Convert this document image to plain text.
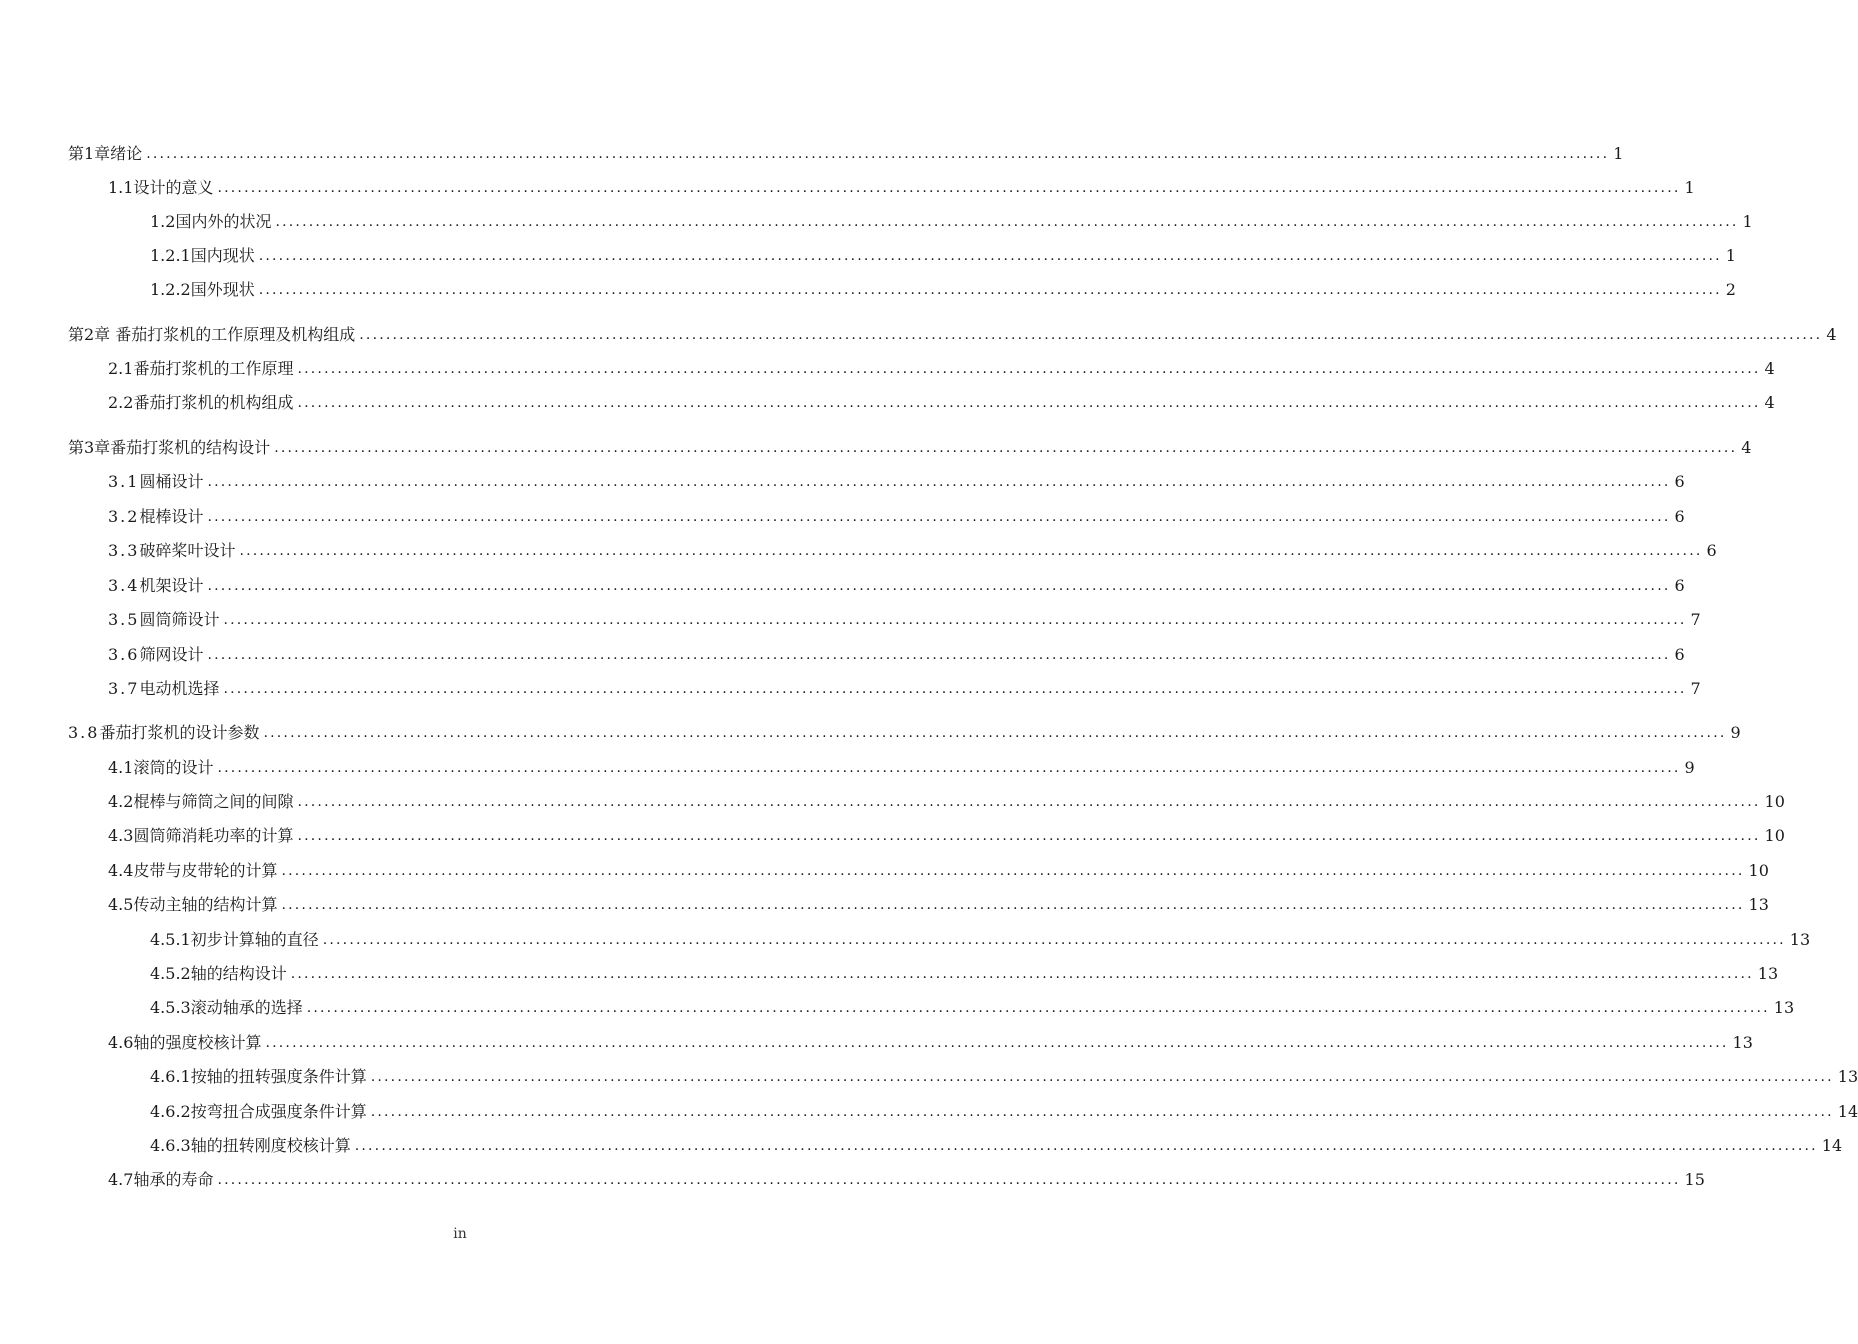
第1章绪论 ............................................................................................................................................................................................................................ 1
1.1 设计的意义 ............................................................................................................................................................................................................................ 1
1.2 国内外的状况 ............................................................................................................................................................................................................................ 1
1.2.1 国内现状 ............................................................................................................................................................................................................................ 1
1.2.2 国外现状 ............................................................................................................................................................................................................................ 2
第2章 番茄打浆机的工作原理及机构组成 ............................................................................................................................................................................................................................ 4
2.1 番茄打浆机的工作原理 ............................................................................................................................................................................................................................ 4
2.2 番茄打浆机的机构组成 ............................................................................................................................................................................................................................ 4
第3章番茄打浆机的结构设计 ............................................................................................................................................................................................................................ 4
3.1 圆桶设计 ............................................................................................................................................................................................................................ 6
3.2 棍棒设计 ............................................................................................................................................................................................................................ 6
3.3 破碎桨叶设计 ............................................................................................................................................................................................................................ 6
3.4 机架设计 ............................................................................................................................................................................................................................ 6
3.5 圆筒筛设计 ............................................................................................................................................................................................................................ 7
3.6 筛网设计 ............................................................................................................................................................................................................................ 6
3.7 电动机选择 ............................................................................................................................................................................................................................ 7
3.8 番茄打浆机的设计参数 ............................................................................................................................................................................................................................ 9
4.1 滚筒的设计 ............................................................................................................................................................................................................................ 9
4.2 棍棒与筛筒之间的间隙 ............................................................................................................................................................................................................................ 10
4.3 圆筒筛消耗功率的计算 ............................................................................................................................................................................................................................ 10
4.4 皮带与皮带轮的计算 ............................................................................................................................................................................................................................ 10
4.5 传动主轴的结构计算 ............................................................................................................................................................................................................................ 13
4.5.1 初步计算轴的直径 ............................................................................................................................................................................................................................ 13
4.5.2 轴的结构设计 ............................................................................................................................................................................................................................ 13
4.5.3 滚动轴承的选择 ............................................................................................................................................................................................................................ 13
4.6 轴的强度校核计算 ............................................................................................................................................................................................................................ 13
4.6.1 按轴的扭转强度条件计算 ............................................................................................................................................................................................................................ 13
4.6.2 按弯扭合成强度条件计算 ............................................................................................................................................................................................................................ 14
4.6.3 轴的扭转刚度校核计算 ............................................................................................................................................................................................................................ 14
4.7 轴承的寿命 ............................................................................................................................................................................................................................ 15
in
